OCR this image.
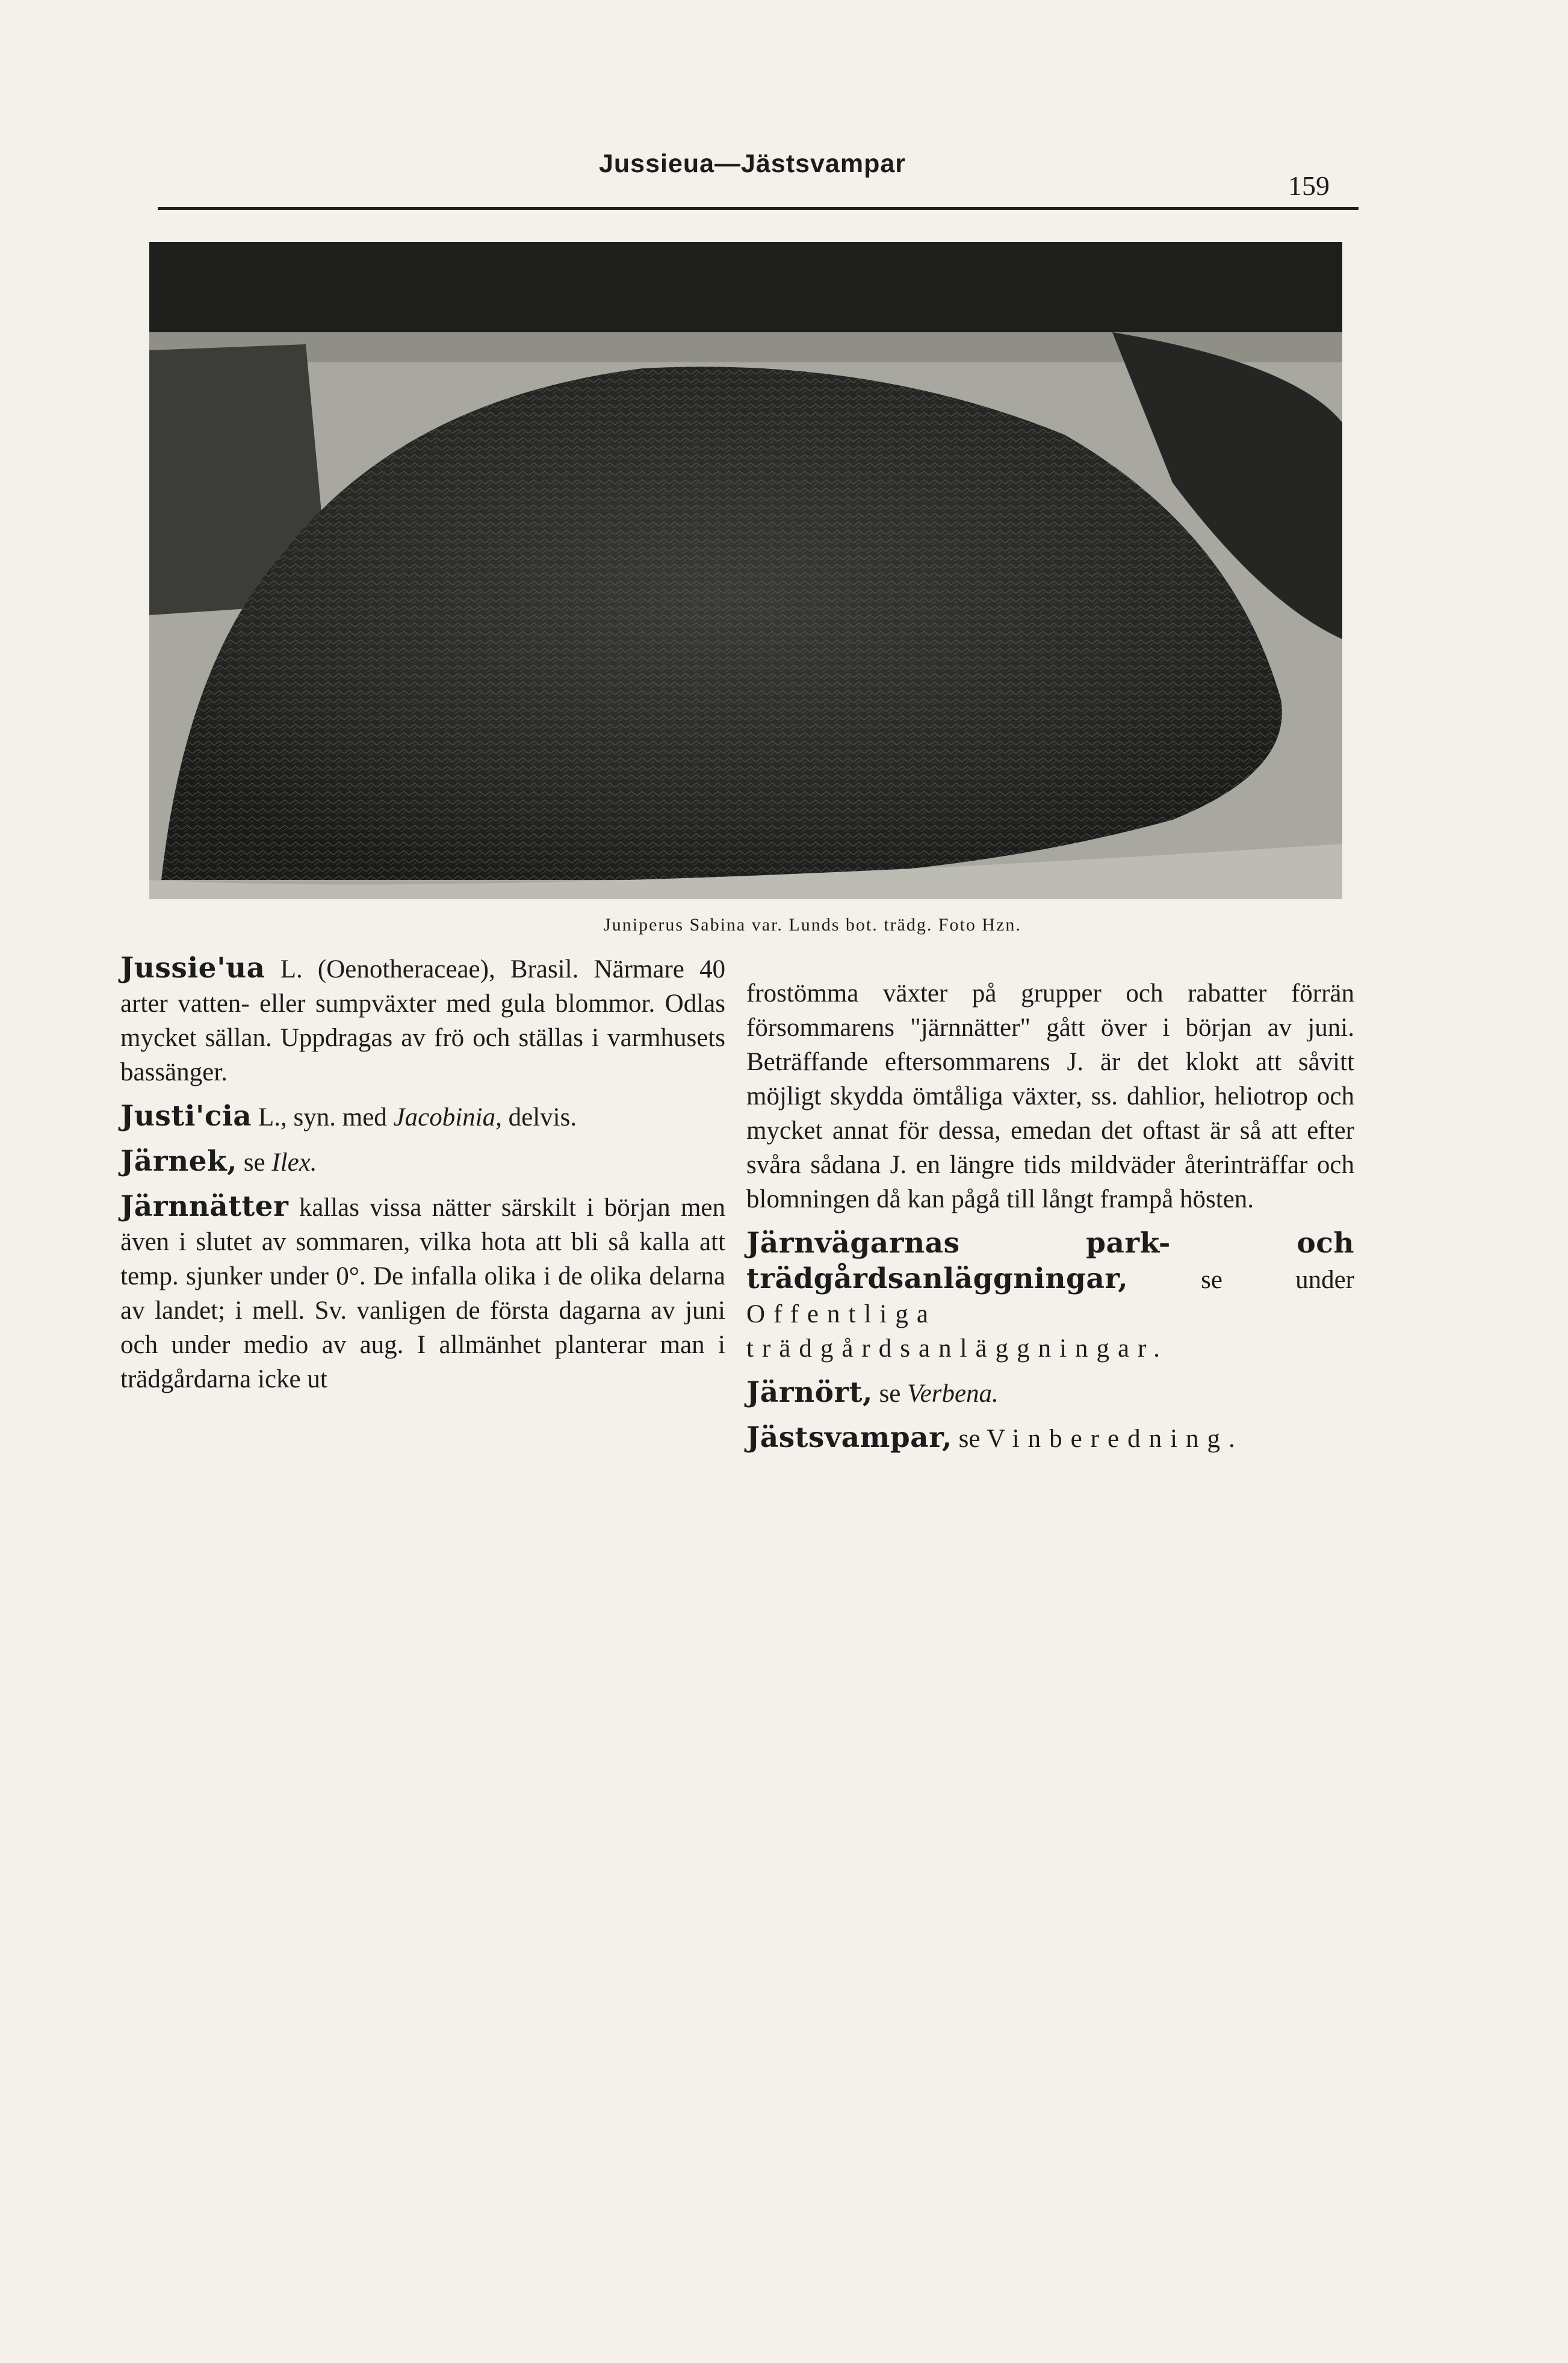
Jussieua—Jästsvampar
159
Juniperus Sabina var. Lunds bot. trädg. Foto Hzn.

Jussie'ua L. (Oenotheraceae), Brasil. Närmare 40 arter vatten- eller sumpväxter med gula blommor. Odlas mycket sällan. Uppdragas av frö och ställas i varmhusets bassänger.

Justi'cia L., syn. med Jacobinia, delvis.

Järnek, se Ilex.

Järnnätter kallas vissa nätter särskilt i början men även i slutet av sommaren, vilka hota att bli så kalla att temp. sjunker under 0°. De infalla olika i de olika delarna av landet; i mell. Sv. vanligen de första dagarna av juni och under medio av aug. I allmänhet planterar man i trädgårdarna icke ut

frostömma växter på grupper och rabatter förrän försommarens "järnnätter" gått över i början av juni. Beträffande eftersommarens J. är det klokt att såvitt möjligt skydda ömtåliga växter, ss. dahlior, heliotrop och mycket annat för dessa, emedan det oftast är så att efter svåra sådana J. en längre tids mildväder återinträffar och blomningen då kan pågå till långt frampå hösten.

Järnvägarnas park- och trädgårdsanläggningar, se under Offentliga trädgårdsanläggningar.

Järnört, se Verbena.

Jästsvampar, se Vinberedning.
